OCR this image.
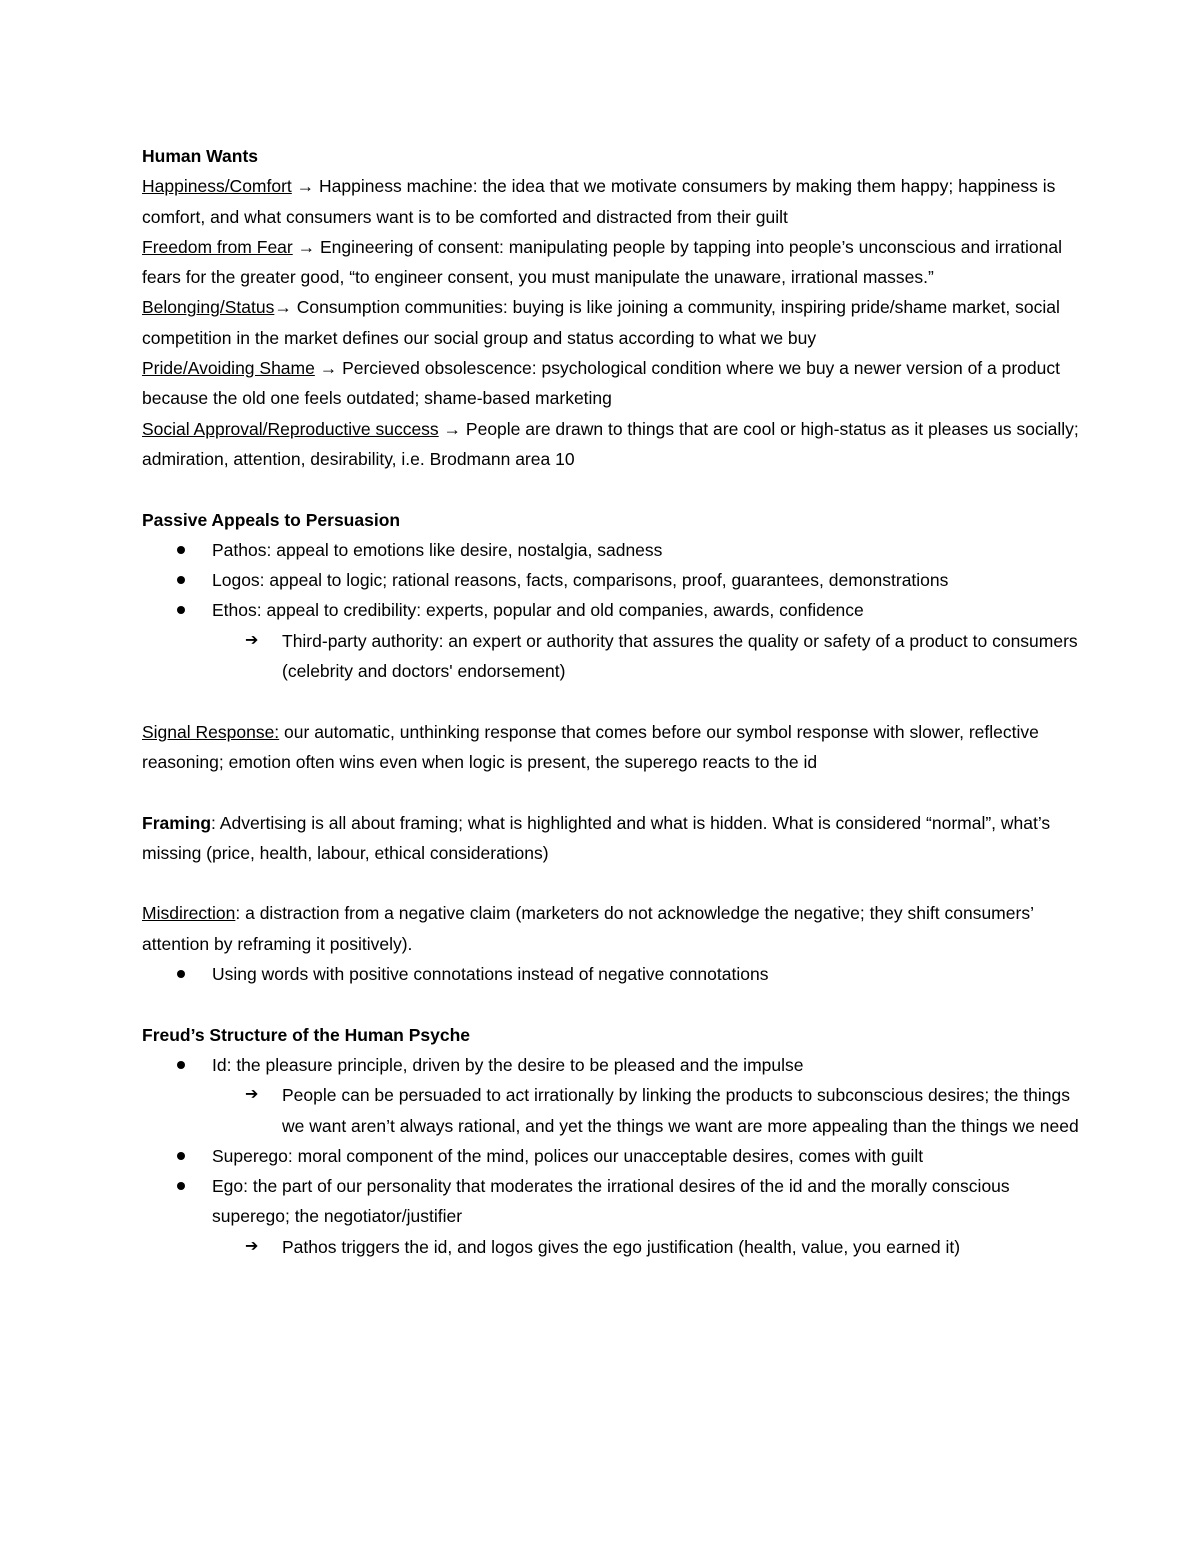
Human Wants

Happiness/Comfort → Happiness machine: the idea that we motivate consumers by making them happy; happiness is comfort, and what consumers want is to be comforted and distracted from their guilt

Freedom from Fear → Engineering of consent: manipulating people by tapping into people’s unconscious and irrational fears for the greater good, “to engineer consent, you must manipulate the unaware, irrational masses.”

Belonging/Status→ Consumption communities: buying is like joining a community, inspiring pride/shame market, social competition in the market defines our social group and status according to what we buy

Pride/Avoiding Shame → Percieved obsolescence: psychological condition where we buy a newer version of a product because the old one feels outdated; shame-based marketing

Social Approval/Reproductive success → People are drawn to things that are cool or high-status as it pleases us socially; admiration, attention, desirability, i.e. Brodmann area 10

Passive Appeals to Persuasion

Pathos: appeal to emotions like desire, nostalgia, sadness
Logos: appeal to logic; rational reasons, facts, comparisons, proof, guarantees, demonstrations
Ethos: appeal to credibility: experts, popular and old companies, awards, confidence
➔ Third-party authority: an expert or authority that assures the quality or safety of a product to consumers (celebrity and doctors' endorsement)

Signal Response: our automatic, unthinking response that comes before our symbol response with slower, reflective reasoning; emotion often wins even when logic is present, the superego reacts to the id

Framing: Advertising is all about framing; what is highlighted and what is hidden. What is considered “normal”, what’s missing (price, health, labour, ethical considerations)

Misdirection: a distraction from a negative claim (marketers do not acknowledge the negative; they shift consumers’ attention by reframing it positively).

Using words with positive connotations instead of negative connotations

Freud’s Structure of the Human Psyche

Id: the pleasure principle, driven by the desire to be pleased and the impulse
➔ People can be persuaded to act irrationally by linking the products to subconscious desires; the things we want aren’t always rational, and yet the things we want are more appealing than the things we need
Superego: moral component of the mind, polices our unacceptable desires, comes with guilt
Ego: the part of our personality that moderates the irrational desires of the id and the morally conscious superego; the negotiator/justifier
➔ Pathos triggers the id, and logos gives the ego justification (health, value, you earned it)
